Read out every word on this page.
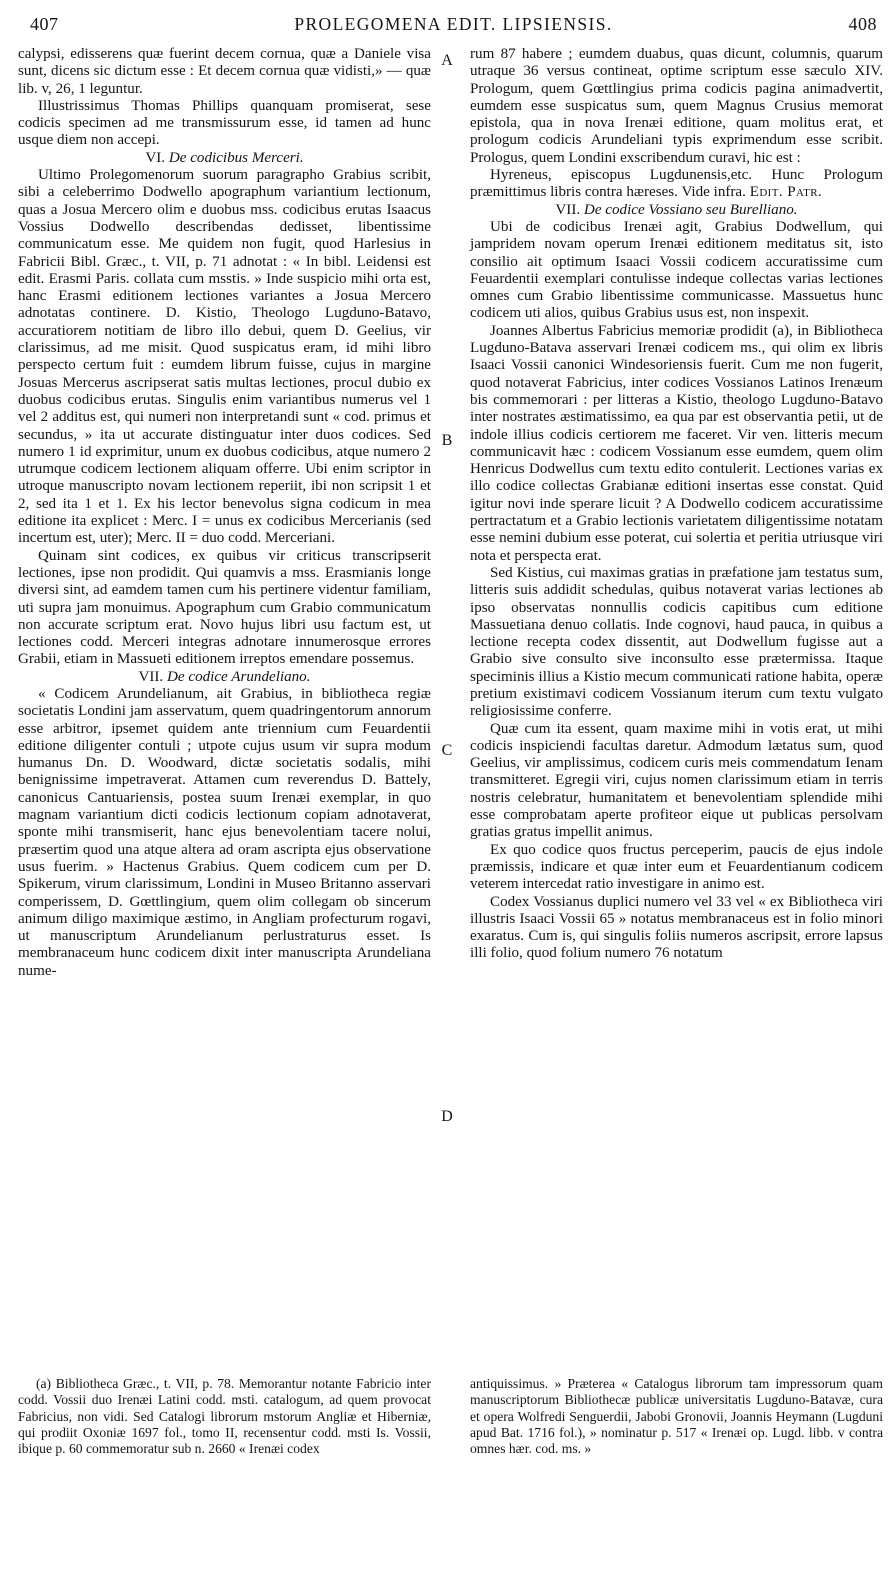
407	PROLEGOMENA EDIT. LIPSIENSIS.	408

calypsi, edisserens quæ fuerint decem cornua, quæ a Daniele visa sunt, dicens sic dictum esse : Et decem cornua quæ vidisti,» — quæ lib. v, 26, 1 leguntur.

Illustrissimus Thomas Phillips quanquam promiserat, sese codicis specimen ad me transmissurum esse, id tamen ad hunc usque diem non accepi.

VI. De codicibus Merceri.

Ultimo Prolegomenorum suorum paragrapho Grabius scribit, sibi a celeberrimo Dodwello apographum variantium lectionum, quas a Josua Mercero olim e duobus mss. codicibus erutas Isaacus Vossius Dodwello describendas dedisset, libentissime communicatum esse. Me quidem non fugit, quod Harlesius in Fabricii Bibl. Græc., t. VII, p. 71 adnotat : « In bibl. Leidensi est edit. Erasmi Paris. collata cum msstis. » Inde suspicio mihi orta est, hanc Erasmi editionem lectiones variantes a Josua Mercero adnotatas continere. D. Kistio, Theologo Lugduno-Batavo, accuratiorem notitiam de libro illo debui, quem D. Geelius, vir clarissimus, ad me misit. Quod suspicatus eram, id mihi libro perspecto certum fuit : eumdem librum fuisse, cujus in margine Josuas Mercerus ascripserat satis multas lectiones, procul dubio ex duobus codicibus erutas. Singulis enim variantibus numerus vel 1 vel 2 additus est, qui numeri non interpretandi sunt « cod. primus et secundus, » ita ut accurate distinguatur inter duos codices. Sed numero 1 id exprimitur, unum ex duobus codicibus, atque numero 2 utrumque codicem lectionem aliquam offerre. Ubi enim scriptor in utroque manuscripto novam lectionem reperiit, ibi non scripsit 1 et 2, sed ita 1 et 1. Ex his lector benevolus signa codicum in mea editione ita explicet : Merc. I = unus ex codicibus Mercerianis (sed incertum est, uter); Merc. II = duo codd. Merceriani.

Quinam sint codices, ex quibus vir criticus transcripserit lectiones, ipse non prodidit. Qui quamvis a mss. Erasmianis longe diversi sint, ad eamdem tamen cum his pertinere videntur familiam, uti supra jam monuimus. Apographum cum Grabio communicatum non accurate scriptum erat. Novo hujus libri usu factum est, ut lectiones codd. Merceri integras adnotare innumerosque errores Grabii, etiam in Massueti editionem irreptos emendare possemus.

VII. De codice Arundeliano.

« Codicem Arundelianum, ait Grabius, in bibliotheca regiæ societatis Londini jam asservatum, quem quadringentorum annorum esse arbitror, ipsemet quidem ante triennium cum Feuardentii editione diligenter contuli ; utpote cujus usum vir supra modum humanus Dn. D. Woodward, dictæ societatis sodalis, mihi benignissime impetraverat. Attamen cum reverendus D. Battely, canonicus Cantuariensis, postea suum Irenæi exemplar, in quo magnam variantium dicti codicis lectionum copiam adnotaverat, sponte mihi transmiserit, hanc ejus benevolentiam tacere nolui, præsertim quod una atque altera ad oram ascripta ejus observatione usus fuerim. » Hactenus Grabius. Quem codicem cum per D. Spikerum, virum clarissimum, Londini in Museo Britanno asservari comperissem, D. Gœttlingium, quem olim collegam ob sincerum animum diligo maximique æstimo, in Angliam profecturum rogavi, ut manuscriptum Arundelianum perlustraturus esset. Is membranaceum hunc codicem dixit inter manuscripta Arundeliana nume-

A
B
C
D

rum 87 habere ; eumdem duabus, quas dicunt, columnis, quarum utraque 36 versus contineat, optime scriptum esse sæculo XIV. Prologum, quem Gœttlingius prima codicis pagina animadvertit, eumdem esse suspicatus sum, quem Magnus Crusius memorat epistola, qua in nova Irenæi editione, quam molitus erat, et prologum codicis Arundeliani typis exprimendum esse scribit. Prologus, quem Londini exscribendum curavi, hic est :

Hyreneus, episcopus Lugdunensis,etc. Hunc Prologum præmittimus libris contra hæreses. Vide infra. Edit. Patr.

VII. De codice Vossiano seu Burelliano.

Ubi de codicibus Irenæi agit, Grabius Dodwellum, qui jampridem novam operum Irenæi editionem meditatus sit, isto consilio ait optimum Isaaci Vossii codicem accuratissime cum Feuardentii exemplari contulisse indeque collectas varias lectiones omnes cum Grabio libentissime communicasse. Massuetus hunc codicem uti alios, quibus Grabius usus est, non inspexit.

Joannes Albertus Fabricius memoriæ prodidit (a), in Bibliotheca Lugduno-Batava asservari Irenæi codicem ms., qui olim ex libris Isaaci Vossii canonici Windesoriensis fuerit. Cum me non fugerit, quod notaverat Fabricius, inter codices Vossianos Latinos Irenæum bis commemorari : per litteras a Kistio, theologo Lugduno-Batavo inter nostrates æstimatissimo, ea qua par est observantia petii, ut de indole illius codicis certiorem me faceret. Vir ven. litteris mecum communicavit hæc : codicem Vossianum esse eumdem, quem olim Henricus Dodwellus cum textu edito contulerit. Lectiones varias ex illo codice collectas Grabianæ editioni insertas esse constat. Quid igitur novi inde sperare licuit ? A Dodwello codicem accuratissime pertractatum et a Grabio lectionis varietatem diligentissime notatam esse nemini dubium esse poterat, cui solertia et peritia utriusque viri nota et perspecta erat.

Sed Kistius, cui maximas gratias in præfatione jam testatus sum, litteris suis addidit schedulas, quibus notaverat varias lectiones ab ipso observatas nonnullis codicis capitibus cum editione Massuetiana denuo collatis. Inde cognovi, haud pauca, in quibus a lectione recepta codex dissentit, aut Dodwellum fugisse aut a Grabio sive consulto sive inconsulto esse prætermissa. Itaque speciminis illius a Kistio mecum communicati ratione habita, operæ pretium existimavi codicem Vossianum iterum cum textu vulgato religiosissime conferre.

Quæ cum ita essent, quam maxime mihi in votis erat, ut mihi codicis inspiciendi facultas daretur. Admodum lætatus sum, quod Geelius, vir amplissimus, codicem curis meis commendatum Ienam transmitteret. Egregii viri, cujus nomen clarissimum etiam in terris nostris celebratur, humanitatem et benevolentiam splendide mihi esse comprobatam aperte profiteor eique ut publicas persolvam gratias gratus impellit animus.

Ex quo codice quos fructus perceperim, paucis de ejus indole præmissis, indicare et quæ inter eum et Feuardentianum codicem veterem intercedat ratio investigare in animo est.

Codex Vossianus duplici numero vel 33 vel « ex Bibliotheca viri illustris Isaaci Vossii 65 » notatus membranaceus est in folio minori exaratus. Cum is, qui singulis foliis numeros ascripsit, errore lapsus illi folio, quod folium numero 76 notatum

(a) Bibliotheca Græc., t. VII, p. 78. Memorantur notante Fabricio inter codd. Vossii duo Irenæi Latini codd. msti. catalogum, ad quem provocat Fabricius, non vidi. Sed Catalogi librorum mstorum Angliæ et Hiberniæ, qui prodiit Oxoniæ 1697 fol., tomo II, recensentur codd. msti Is. Vossii, ibique p. 60 commemoratur sub n. 2660 « Irenæi codex

antiquissimus. » Præterea « Catalogus librorum tam impressorum quam manuscriptorum Bibliothecæ publicæ universitatis Lugduno-Batavæ, cura et opera Wolfredi Senguerdii, Jabobi Gronovii, Joannis Heymann (Lugduni apud Bat. 1716 fol.), » nominatur p. 517 « Irenæi op. Lugd. libb. v contra omnes hær. cod. ms. »
